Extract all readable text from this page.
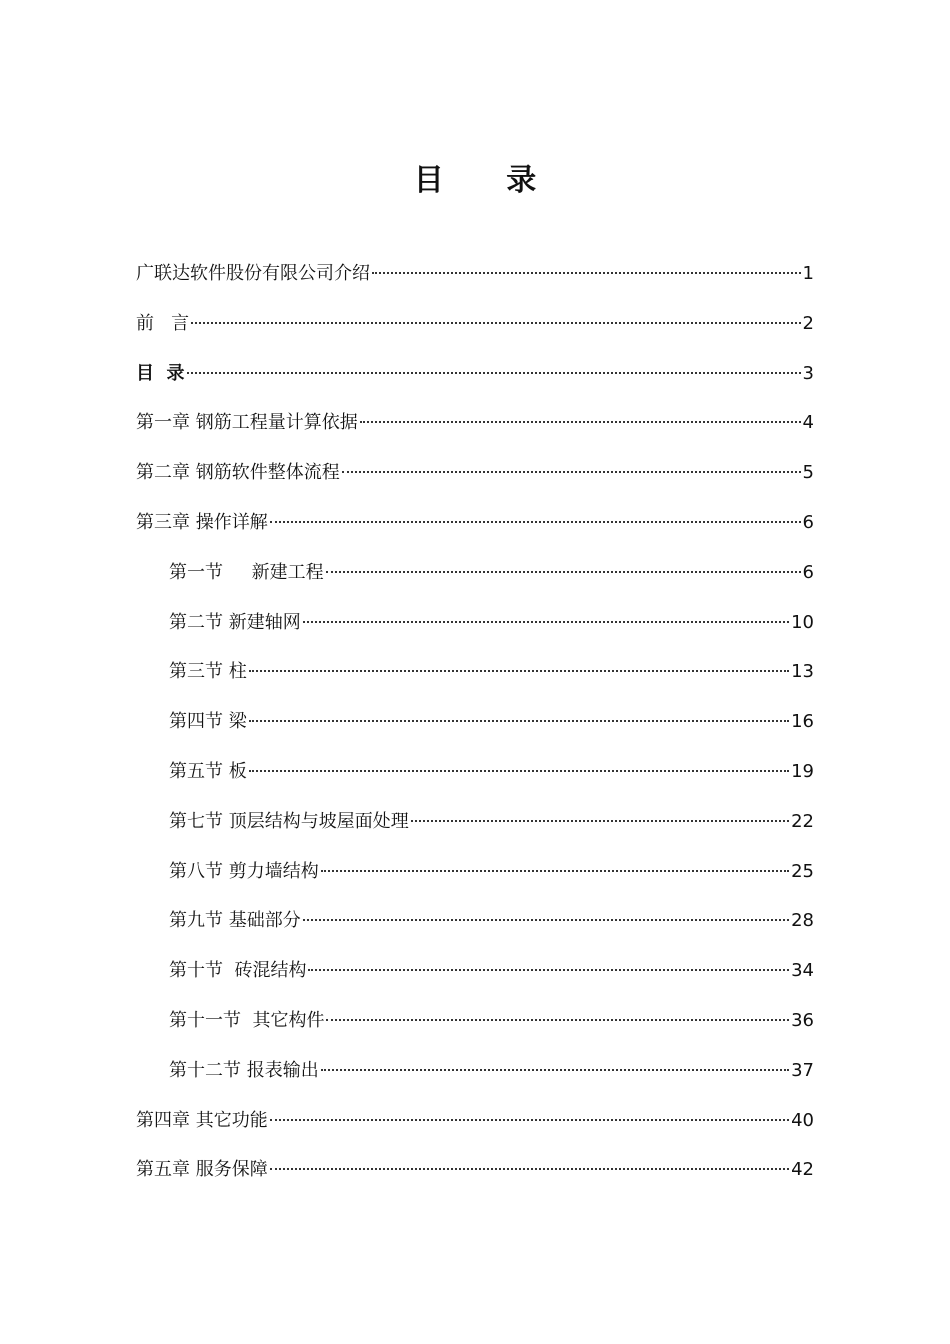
目 录
广联达软件股份有限公司介绍	1
前   言	2
目  录	3
第一章 钢筋工程量计算依据	4
第二章 钢筋软件整体流程	5
第三章 操作详解	6
第一节     新建工程	6
第二节 新建轴网	10
第三节 柱	13
第四节 梁	16
第五节 板	19
第七节 顶层结构与坡屋面处理	22
第八节 剪力墙结构	25
第九节 基础部分	28
第十节  砖混结构	34
第十一节  其它构件	36
第十二节 报表输出	37
第四章 其它功能	40
第五章 服务保障	42
